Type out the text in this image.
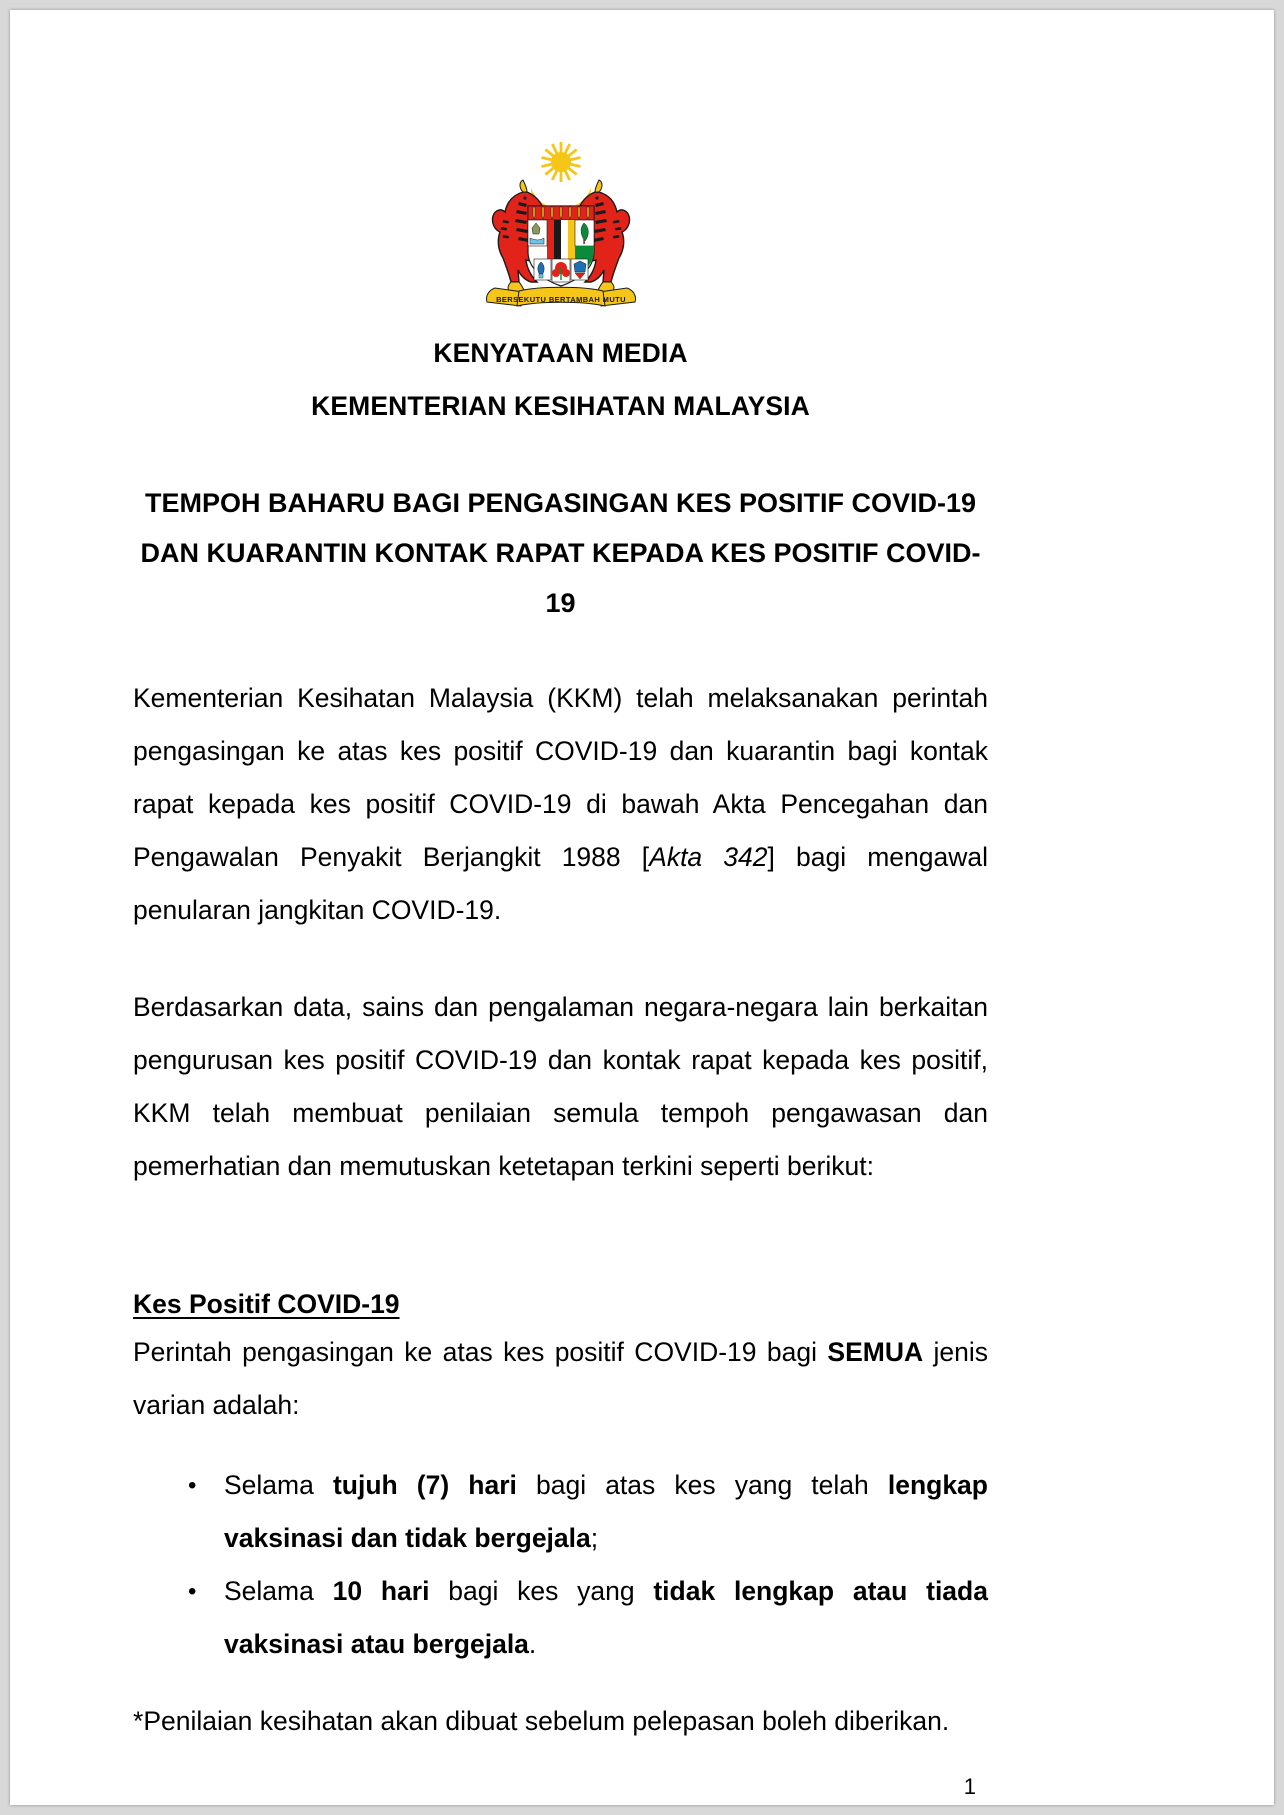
BERSEKUTU BERTAMBAH MUTU
KENYATAAN MEDIA
KEMENTERIAN KESIHATAN MALAYSIA
TEMPOH BAHARU BAGI PENGASINGAN KES POSITIF COVID-19
DAN KUARANTIN KONTAK RAPAT KEPADA KES POSITIF COVID-19

Kementerian Kesihatan Malaysia (KKM) telah melaksanakan perintah pengasingan ke atas kes positif COVID-19 dan kuarantin bagi kontak rapat kepada kes positif COVID-19 di bawah Akta Pencegahan dan Pengawalan Penyakit Berjangkit 1988 [Akta 342] bagi mengawal penularan jangkitan COVID-19.

Berdasarkan data, sains dan pengalaman negara-negara lain berkaitan pengurusan kes positif COVID-19 dan kontak rapat kepada kes positif, KKM telah membuat penilaian semula tempoh pengawasan dan pemerhatian dan memutuskan ketetapan terkini seperti berikut:

Kes Positif COVID-19

Perintah pengasingan ke atas kes positif COVID-19 bagi SEMUA jenis varian adalah:

• Selama tujuh (7) hari bagi atas kes yang telah lengkap vaksinasi dan tidak bergejala;
• Selama 10 hari bagi kes yang tidak lengkap atau tiada vaksinasi atau bergejala.

*Penilaian kesihatan akan dibuat sebelum pelepasan boleh diberikan.

1
